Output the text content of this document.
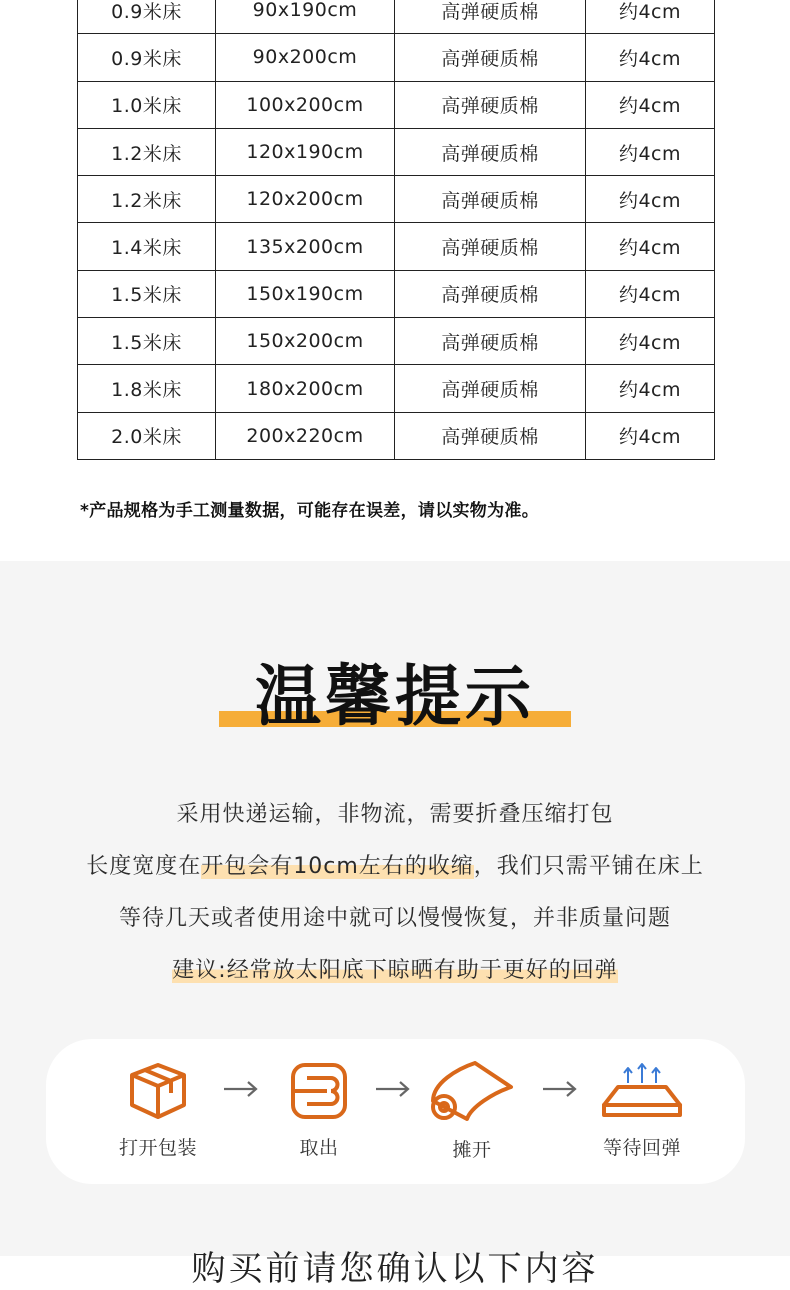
0.9米床	90x190cm	高弹硬质棉	约4cm
0.9米床	90x200cm	高弹硬质棉	约4cm
1.0米床	100x200cm	高弹硬质棉	约4cm
1.2米床	120x190cm	高弹硬质棉	约4cm
1.2米床	120x200cm	高弹硬质棉	约4cm
1.4米床	135x200cm	高弹硬质棉	约4cm
1.5米床	150x190cm	高弹硬质棉	约4cm
1.5米床	150x200cm	高弹硬质棉	约4cm
1.8米床	180x200cm	高弹硬质棉	约4cm
2.0米床	200x220cm	高弹硬质棉	约4cm
*产品规格为手工测量数据，可能存在误差，请以实物为准。
温馨提示
采用快递运输，非物流，需要折叠压缩打包
长度宽度在开包会有10cm左右的收缩，我们只需平铺在床上
等待几天或者使用途中就可以慢慢恢复，并非质量问题
建议:经常放太阳底下晾晒有助于更好的回弹
打开包装	取出	摊开	等待回弹
购买前请您确认以下内容
